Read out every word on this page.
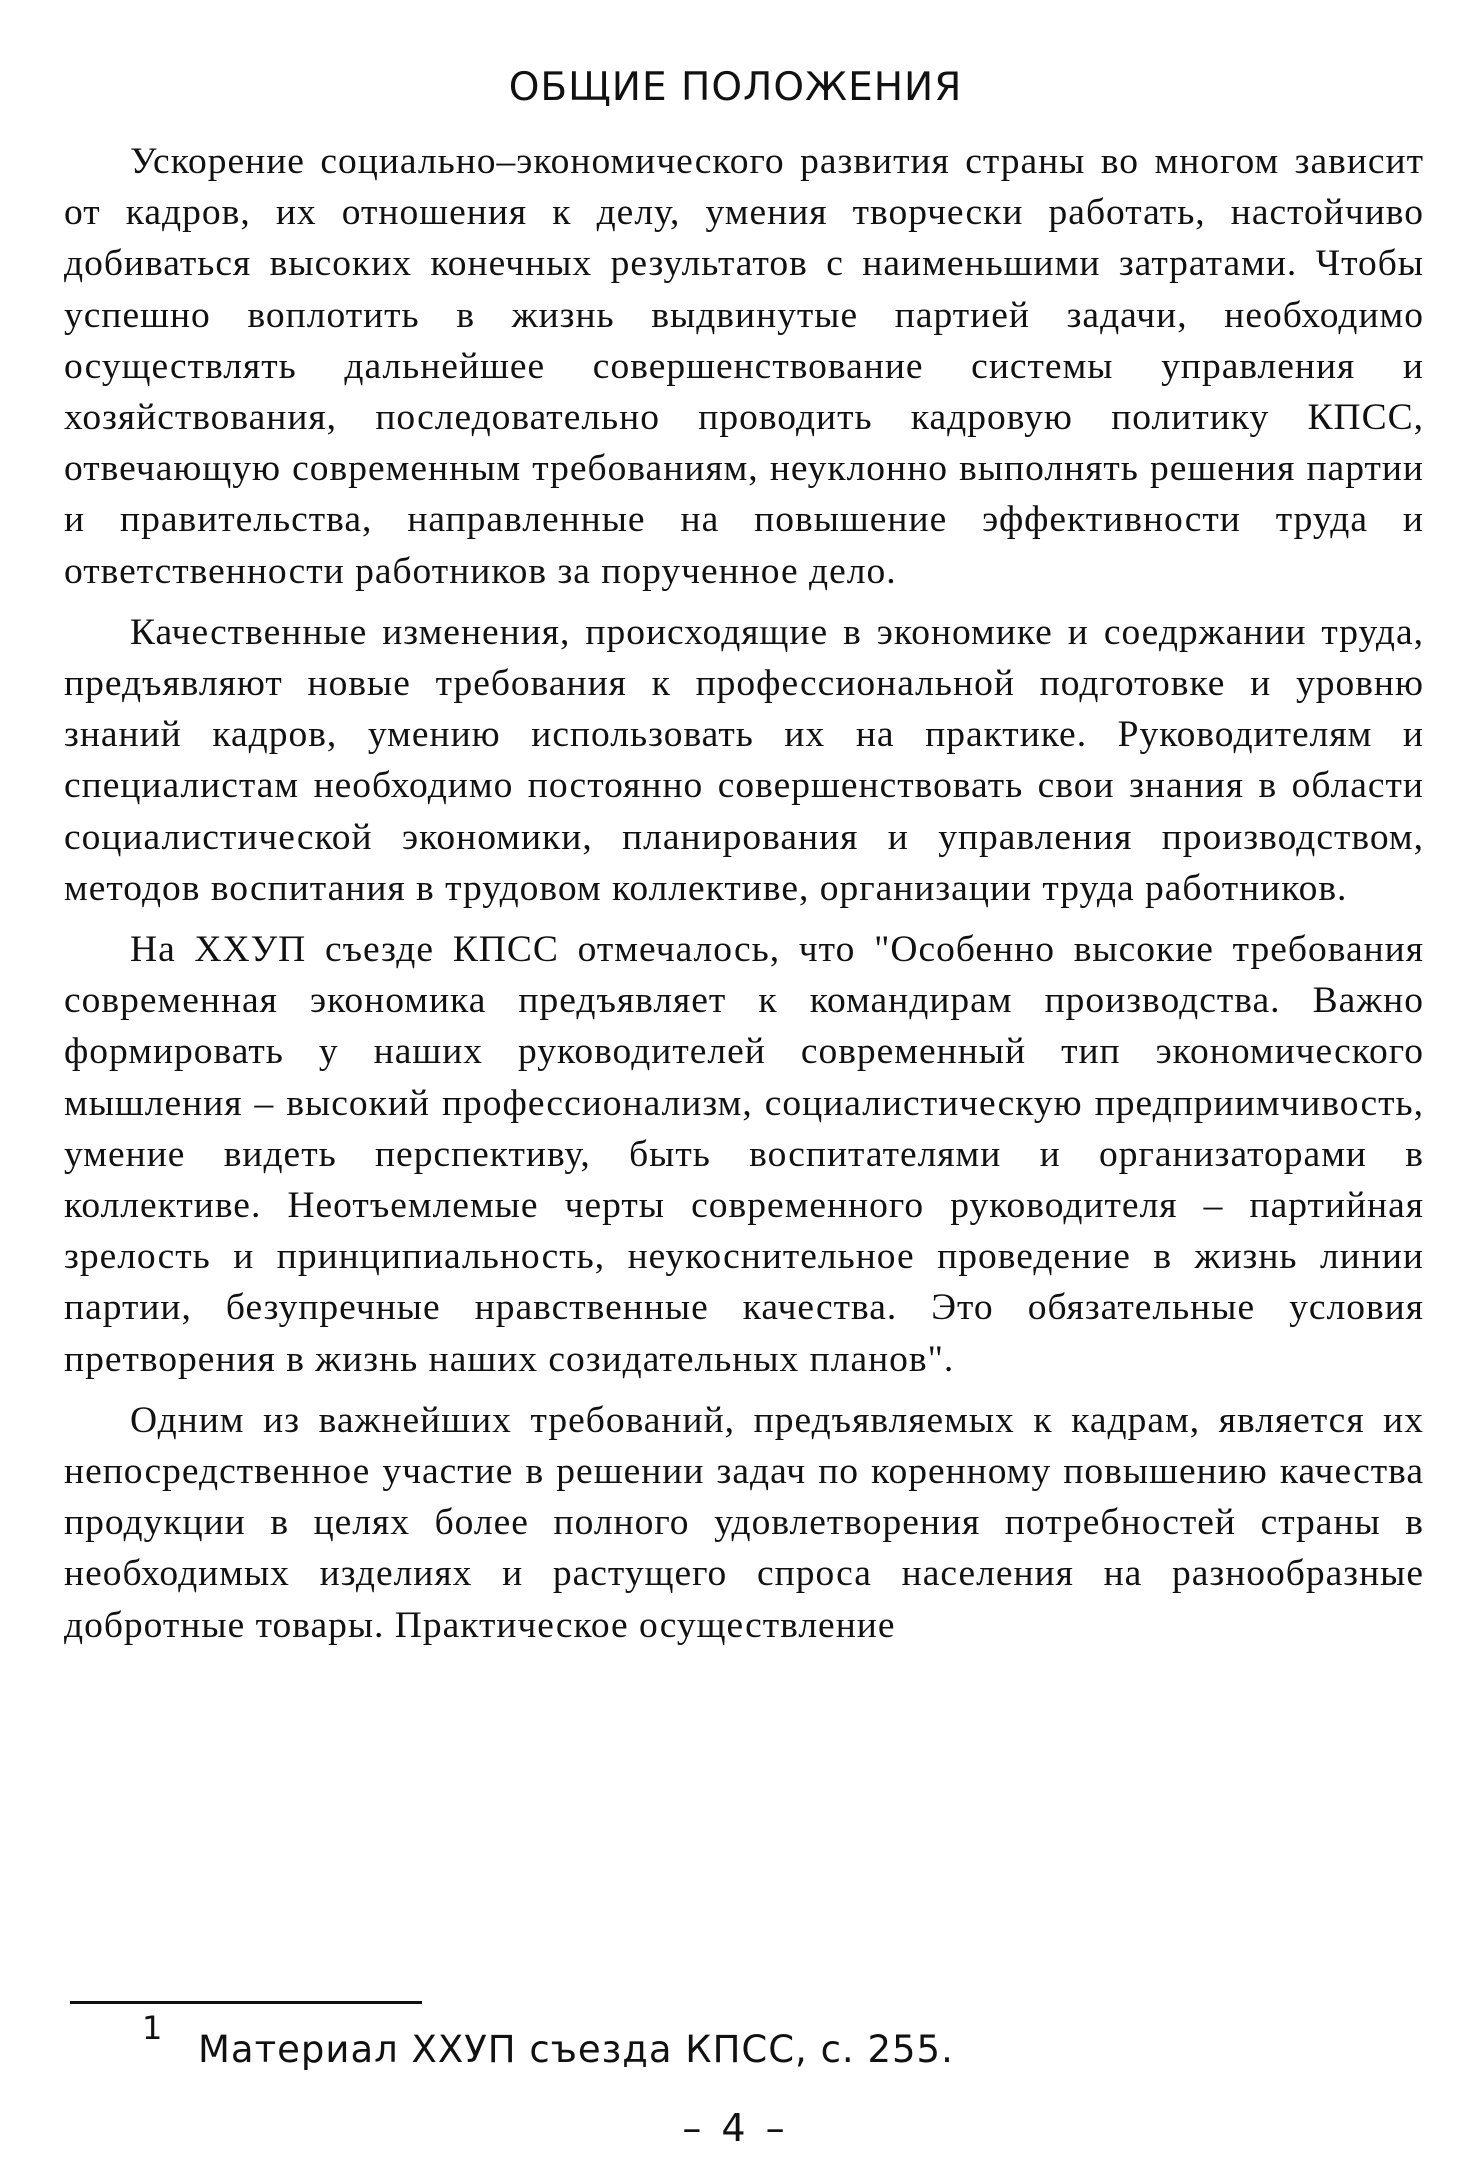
ОБЩИЕ ПОЛОЖЕНИЯ

Ускорение социально–экономического развития страны во многом зависит от кадров, их отношения к делу, умения творчески работать, настойчиво добиваться высоких конечных результатов с наименьшими затратами. Чтобы успешно воплотить в жизнь выдвинутые партией задачи, необходимо осуществлять дальнейшее совершенствование системы управления и хозяйствования, последовательно проводить кадровую политику КПСС, отвечающую современным требованиям, неуклонно выполнять решения партии и правительства, направленные на повышение эффективности труда и ответственности работников за порученное дело.

Качественные изменения, происходящие в экономике и соедржании труда, предъявляют новые требования к профессиональной подготовке и уровню знаний кадров, умению использовать их на практике. Руководителям и специалистам необходимо постоянно совершенствовать свои знания в области социалистической экономики, планирования и управления производством, методов воспитания в трудовом коллективе, организации труда работников.

На ХХУП съезде КПСС отмечалось, что "Особенно высокие требования современная экономика предъявляет к командирам производства. Важно формировать у наших руководителей современный тип экономического мышления – высокий профессионализм, социалистическую предприимчивость, умение видеть перспективу, быть воспитателями и организаторами в коллективе. Неотъемлемые черты современного руководителя – партийная зрелость и принципиальность, неукоснительное проведение в жизнь линии партии, безупречные нравственные качества. Это обязательные условия претворения в жизнь наших созидательных планов".

Одним из важнейших требований, предъявляемых к кадрам, является их непосредственное участие в решении задач по коренному повышению качества продукции в целях более полного удовлетворения потребностей страны в необходимых изделиях и растущего спроса населения на разнообразные добротные товары. Практическое осуществление

1 Материал ХХУП съезда КПСС, с. 255.
– 4 –
